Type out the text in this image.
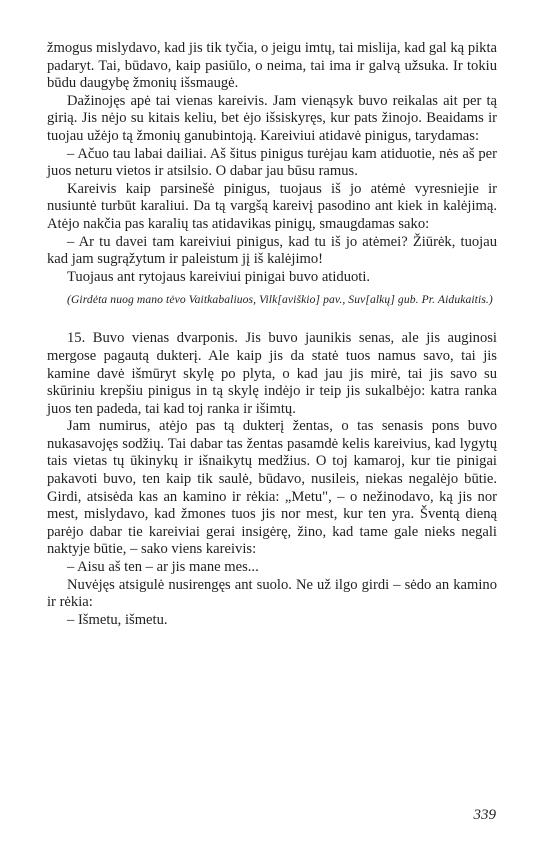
žmogus mislydavo, kad jis tik tyčia, o jeigu imtų, tai mislija, kad gal ką pikta padaryt. Tai, būdavo, kaip pasiūlo, o neima, tai ima ir galvą užsuka. Ir tokiu būdu daugybę žmonių išsmaugė.

Dažinojęs apė tai vienas kareivis. Jam vienąsyk buvo reikalas ait per tą girią. Jis nėjo su kitais keliu, bet ėjo išsiskyręs, kur pats žinojo. Beaidams ir tuojau užėjo tą žmonių ganubintoją. Kareiviui atidavė pinigus, tarydamas:

– Ačuo tau labai dailiai. Aš šitus pinigus turėjau kam atiduotie, nės aš per juos neturu vietos ir atsilsio. O dabar jau būsu ramus.

Kareivis kaip parsinešė pinigus, tuojaus iš jo atėmė vyresniejie ir nusiuntė turbūt karaliui. Da tą vargšą kareivį pasodino ant kiek in kalėjimą. Atėjo nakčia pas karalių tas atidavikas pinigų, smaugdamas sako:

– Ar tu davei tam kareiviui pinigus, kad tu iš jo atėmei? Žiūrėk, tuojau kad jam sugrąžytum ir paleistum jį iš kalėjimo!

Tuojaus ant rytojaus kareiviui pinigai buvo atiduoti.

(Girdėta nuog mano tėvo Vaitkabaliuos, Vilk[aviškio] pav., Suv[alkų] gub. Pr. Aidukaitis.)

15. Buvo vienas dvarponis. Jis buvo jaunikis senas, ale jis auginosi mergose pagautą dukterį. Ale kaip jis da statė tuos namus savo, tai jis kamine davė išmūryt skylę po plyta, o kad jau jis mirė, tai jis savo su skūriniu krepšiu pinigus in tą skylę indėjo ir teip jis sukalbėjo: katra ranka juos ten padeda, tai kad toj ranka ir išimtų.

Jam numirus, atėjo pas tą dukterį žentas, o tas senasis pons buvo nukasavojęs sodžių. Tai dabar tas žentas pasamdė kelis kareivius, kad lygytų tais vietas tų ūkinykų ir išnaikytų medžius. O toj kamaroj, kur tie pinigai pakavoti buvo, ten kaip tik saulė, būdavo, nusileis, niekas negalėjo būtie. Girdi, atsisėda kas an kamino ir rėkia: „Metu", – o nežinodavo, ką jis nor mest, mislydavo, kad žmones tuos jis nor mest, kur ten yra. Šventą dieną parėjo dabar tie kareiviai gerai insigėrę, žino, kad tame gale nieks negali naktyje būtie, – sako viens kareivis:

– Aisu aš ten – ar jis mane mes...

Nuvėjęs atsigulė nusirengęs ant suolo. Ne už ilgo girdi – sėdo an kamino ir rėkia:

– Išmetu, išmetu.

339
